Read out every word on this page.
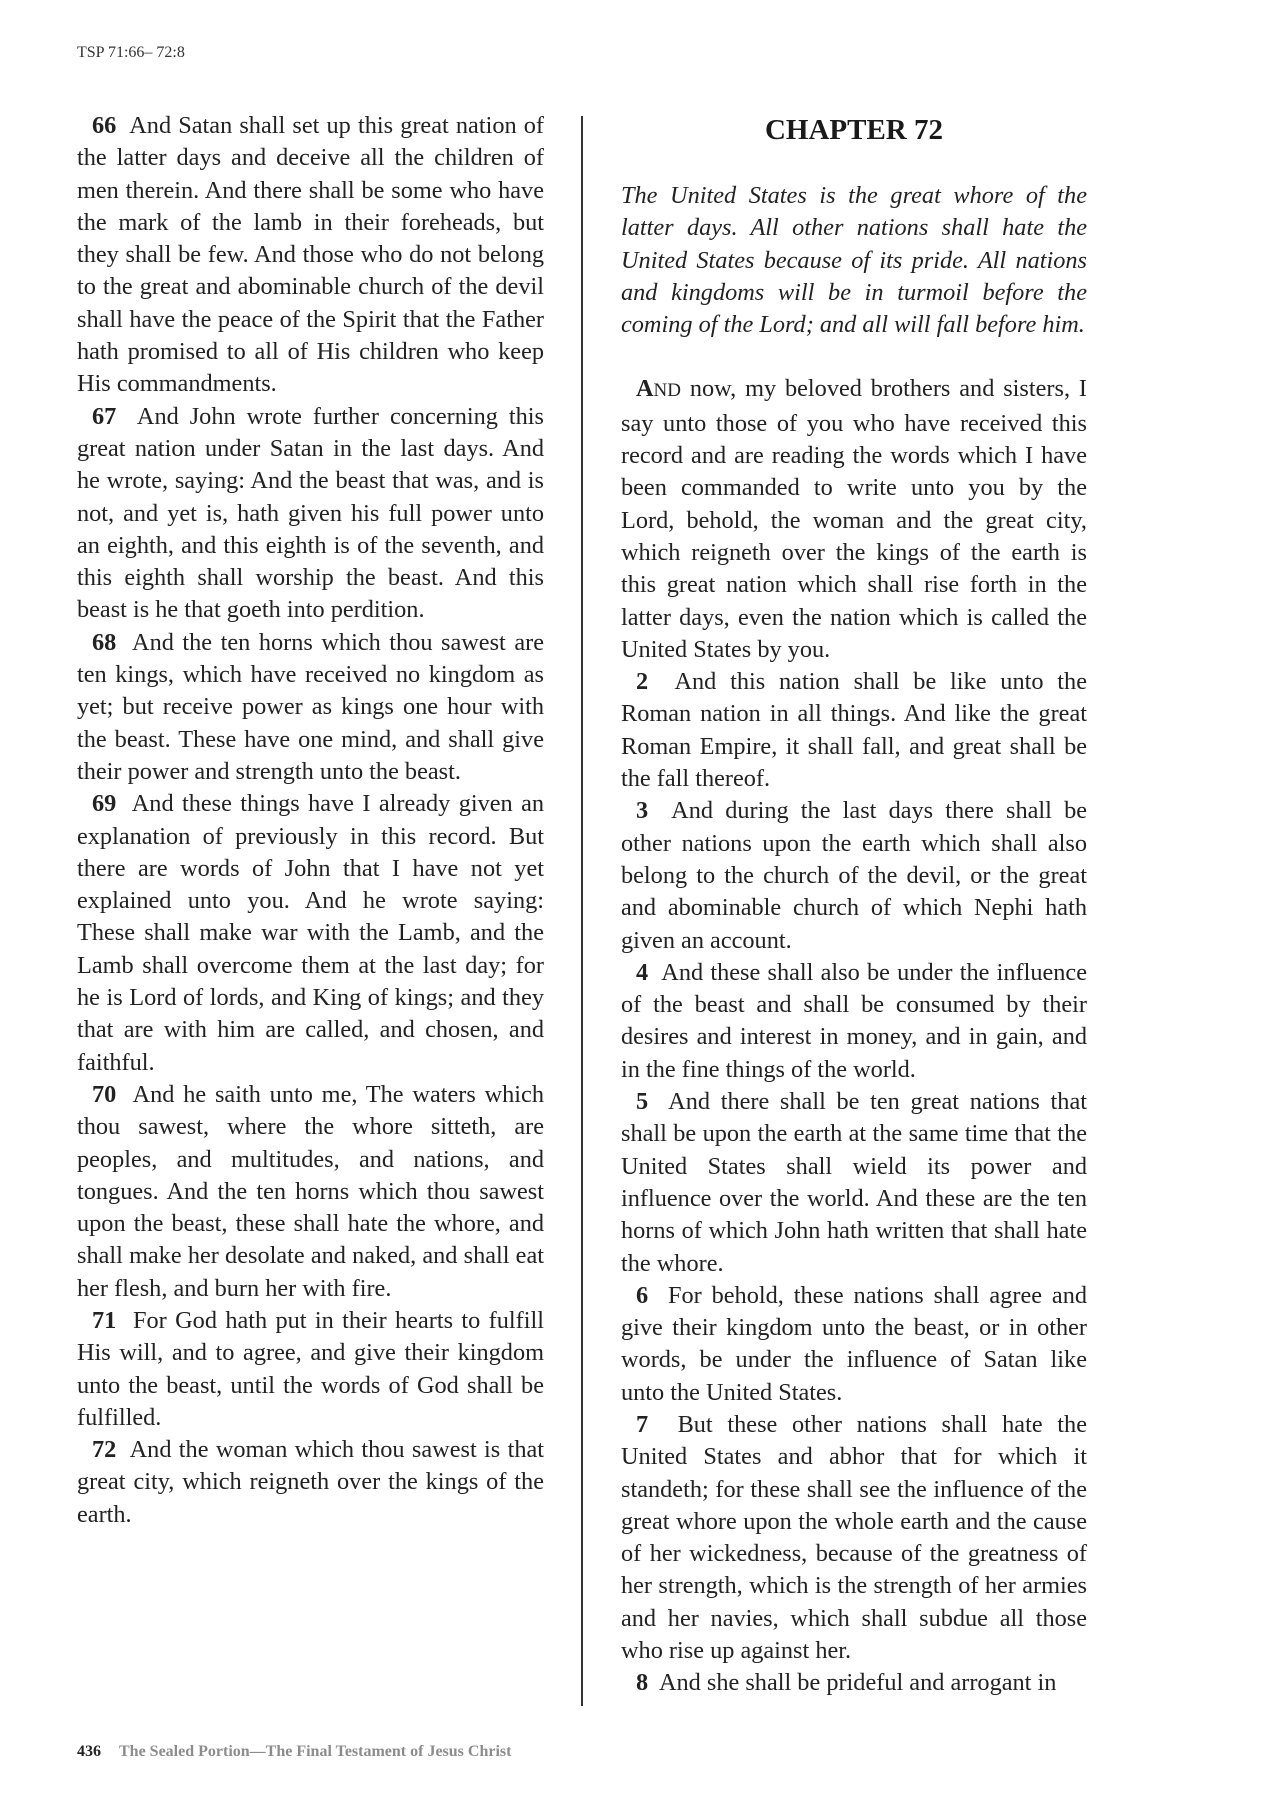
TSP 71:66– 72:8

66 And Satan shall set up this great nation of the latter days and deceive all the children of men therein. And there shall be some who have the mark of the lamb in their foreheads, but they shall be few. And those who do not belong to the great and abominable church of the devil shall have the peace of the Spirit that the Father hath promised to all of His children who keep His commandments.

67 And John wrote further concerning this great nation under Satan in the last days. And he wrote, saying: And the beast that was, and is not, and yet is, hath given his full power unto an eighth, and this eighth is of the seventh, and this eighth shall worship the beast. And this beast is he that goeth into perdition.

68 And the ten horns which thou sawest are ten kings, which have received no kingdom as yet; but receive power as kings one hour with the beast. These have one mind, and shall give their power and strength unto the beast.

69 And these things have I already given an explanation of previously in this record. But there are words of John that I have not yet explained unto you. And he wrote saying: These shall make war with the Lamb, and the Lamb shall overcome them at the last day; for he is Lord of lords, and King of kings; and they that are with him are called, and chosen, and faithful.

70 And he saith unto me, The waters which thou sawest, where the whore sitteth, are peoples, and multitudes, and nations, and tongues. And the ten horns which thou sawest upon the beast, these shall hate the whore, and shall make her desolate and naked, and shall eat her flesh, and burn her with fire.

71 For God hath put in their hearts to fulfill His will, and to agree, and give their kingdom unto the beast, until the words of God shall be fulfilled.

72 And the woman which thou sawest is that great city, which reigneth over the kings of the earth.

CHAPTER 72

The United States is the great whore of the latter days. All other nations shall hate the United States because of its pride. All nations and kingdoms will be in turmoil before the coming of the Lord; and all will fall before him.

AND now, my beloved brothers and sisters, I say unto those of you who have received this record and are reading the words which I have been commanded to write unto you by the Lord, behold, the woman and the great city, which reigneth over the kings of the earth is this great nation which shall rise forth in the latter days, even the nation which is called the United States by you.

2 And this nation shall be like unto the Roman nation in all things. And like the great Roman Empire, it shall fall, and great shall be the fall thereof.

3 And during the last days there shall be other nations upon the earth which shall also belong to the church of the devil, or the great and abominable church of which Nephi hath given an account.

4 And these shall also be under the influence of the beast and shall be consumed by their desires and interest in money, and in gain, and in the fine things of the world.

5 And there shall be ten great nations that shall be upon the earth at the same time that the United States shall wield its power and influence over the world. And these are the ten horns of which John hath written that shall hate the whore.

6 For behold, these nations shall agree and give their kingdom unto the beast, or in other words, be under the influence of Satan like unto the United States.

7 But these other nations shall hate the United States and abhor that for which it standeth; for these shall see the influence of the great whore upon the whole earth and the cause of her wickedness, because of the greatness of her strength, which is the strength of her armies and her navies, which shall subdue all those who rise up against her.

8 And she shall be prideful and arrogant in

436 The Sealed Portion—The Final Testament of Jesus Christ
